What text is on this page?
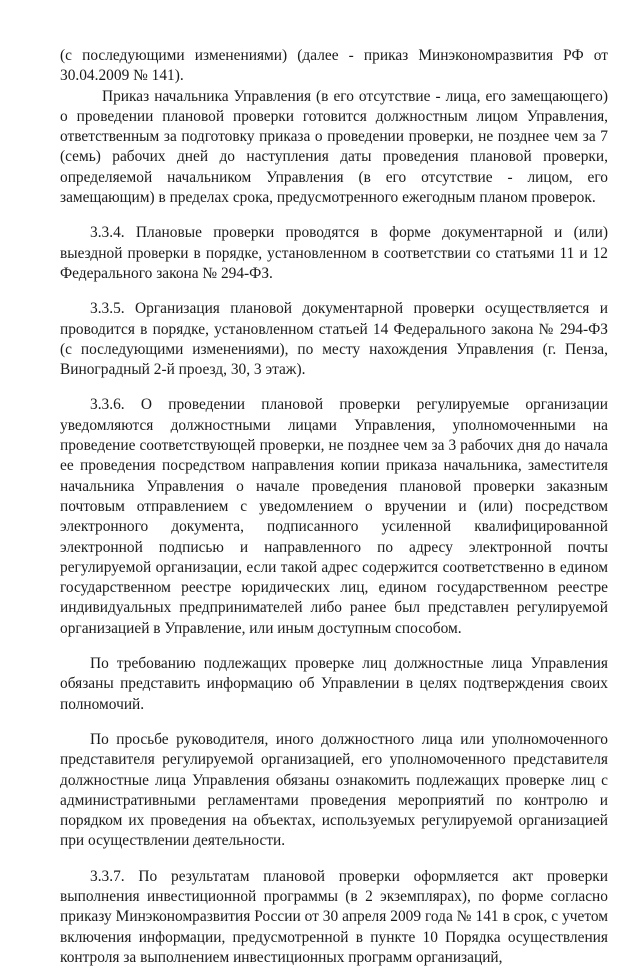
(с последующими изменениями) (далее - приказ Минэкономразвития РФ от 30.04.2009 № 141).

Приказ начальника Управления (в его отсутствие - лица, его замещающего) о проведении плановой проверки готовится должностным лицом Управления, ответственным за подготовку приказа о проведении проверки, не позднее чем за 7 (семь) рабочих дней до наступления даты проведения плановой проверки, определяемой начальником Управления (в его отсутствие - лицом, его замещающим) в пределах срока, предусмотренного ежегодным планом проверок.

3.3.4. Плановые проверки проводятся в форме документарной и (или) выездной проверки в порядке, установленном в соответствии со статьями 11 и 12 Федерального закона № 294-ФЗ.

3.3.5. Организация плановой документарной проверки осуществляется и проводится в порядке, установленном статьей 14 Федерального закона № 294-ФЗ (с последующими изменениями), по месту нахождения Управления (г. Пенза, Виноградный 2-й проезд, 30, 3 этаж).

3.3.6. О проведении плановой проверки регулируемые организации уведомляются должностными лицами Управления, уполномоченными на проведение соответствующей проверки, не позднее чем за 3 рабочих дня до начала ее проведения посредством направления копии приказа начальника, заместителя начальника Управления о начале проведения плановой проверки заказным почтовым отправлением с уведомлением о вручении и (или) посредством электронного документа, подписанного усиленной квалифицированной электронной подписью и направленного по адресу электронной почты регулируемой организации, если такой адрес содержится соответственно в едином государственном реестре юридических лиц, едином государственном реестре индивидуальных предпринимателей либо ранее был представлен регулируемой организацией в Управление, или иным доступным способом.

По требованию подлежащих проверке лиц должностные лица Управления обязаны представить информацию об Управлении в целях подтверждения своих полномочий.

По просьбе руководителя, иного должностного лица или уполномоченного представителя регулируемой организацией, его уполномоченного представителя должностные лица Управления обязаны ознакомить подлежащих проверке лиц с административными регламентами проведения мероприятий по контролю и порядком их проведения на объектах, используемых регулируемой организацией при осуществлении деятельности.

3.3.7. По результатам плановой проверки оформляется акт проверки выполнения инвестиционной программы (в 2 экземплярах), по форме согласно приказу Минэкономразвития России от 30 апреля 2009 года № 141 в срок, с учетом включения информации, предусмотренной в пункте 10 Порядка осуществления контроля за выполнением инвестиционных программ организаций,
